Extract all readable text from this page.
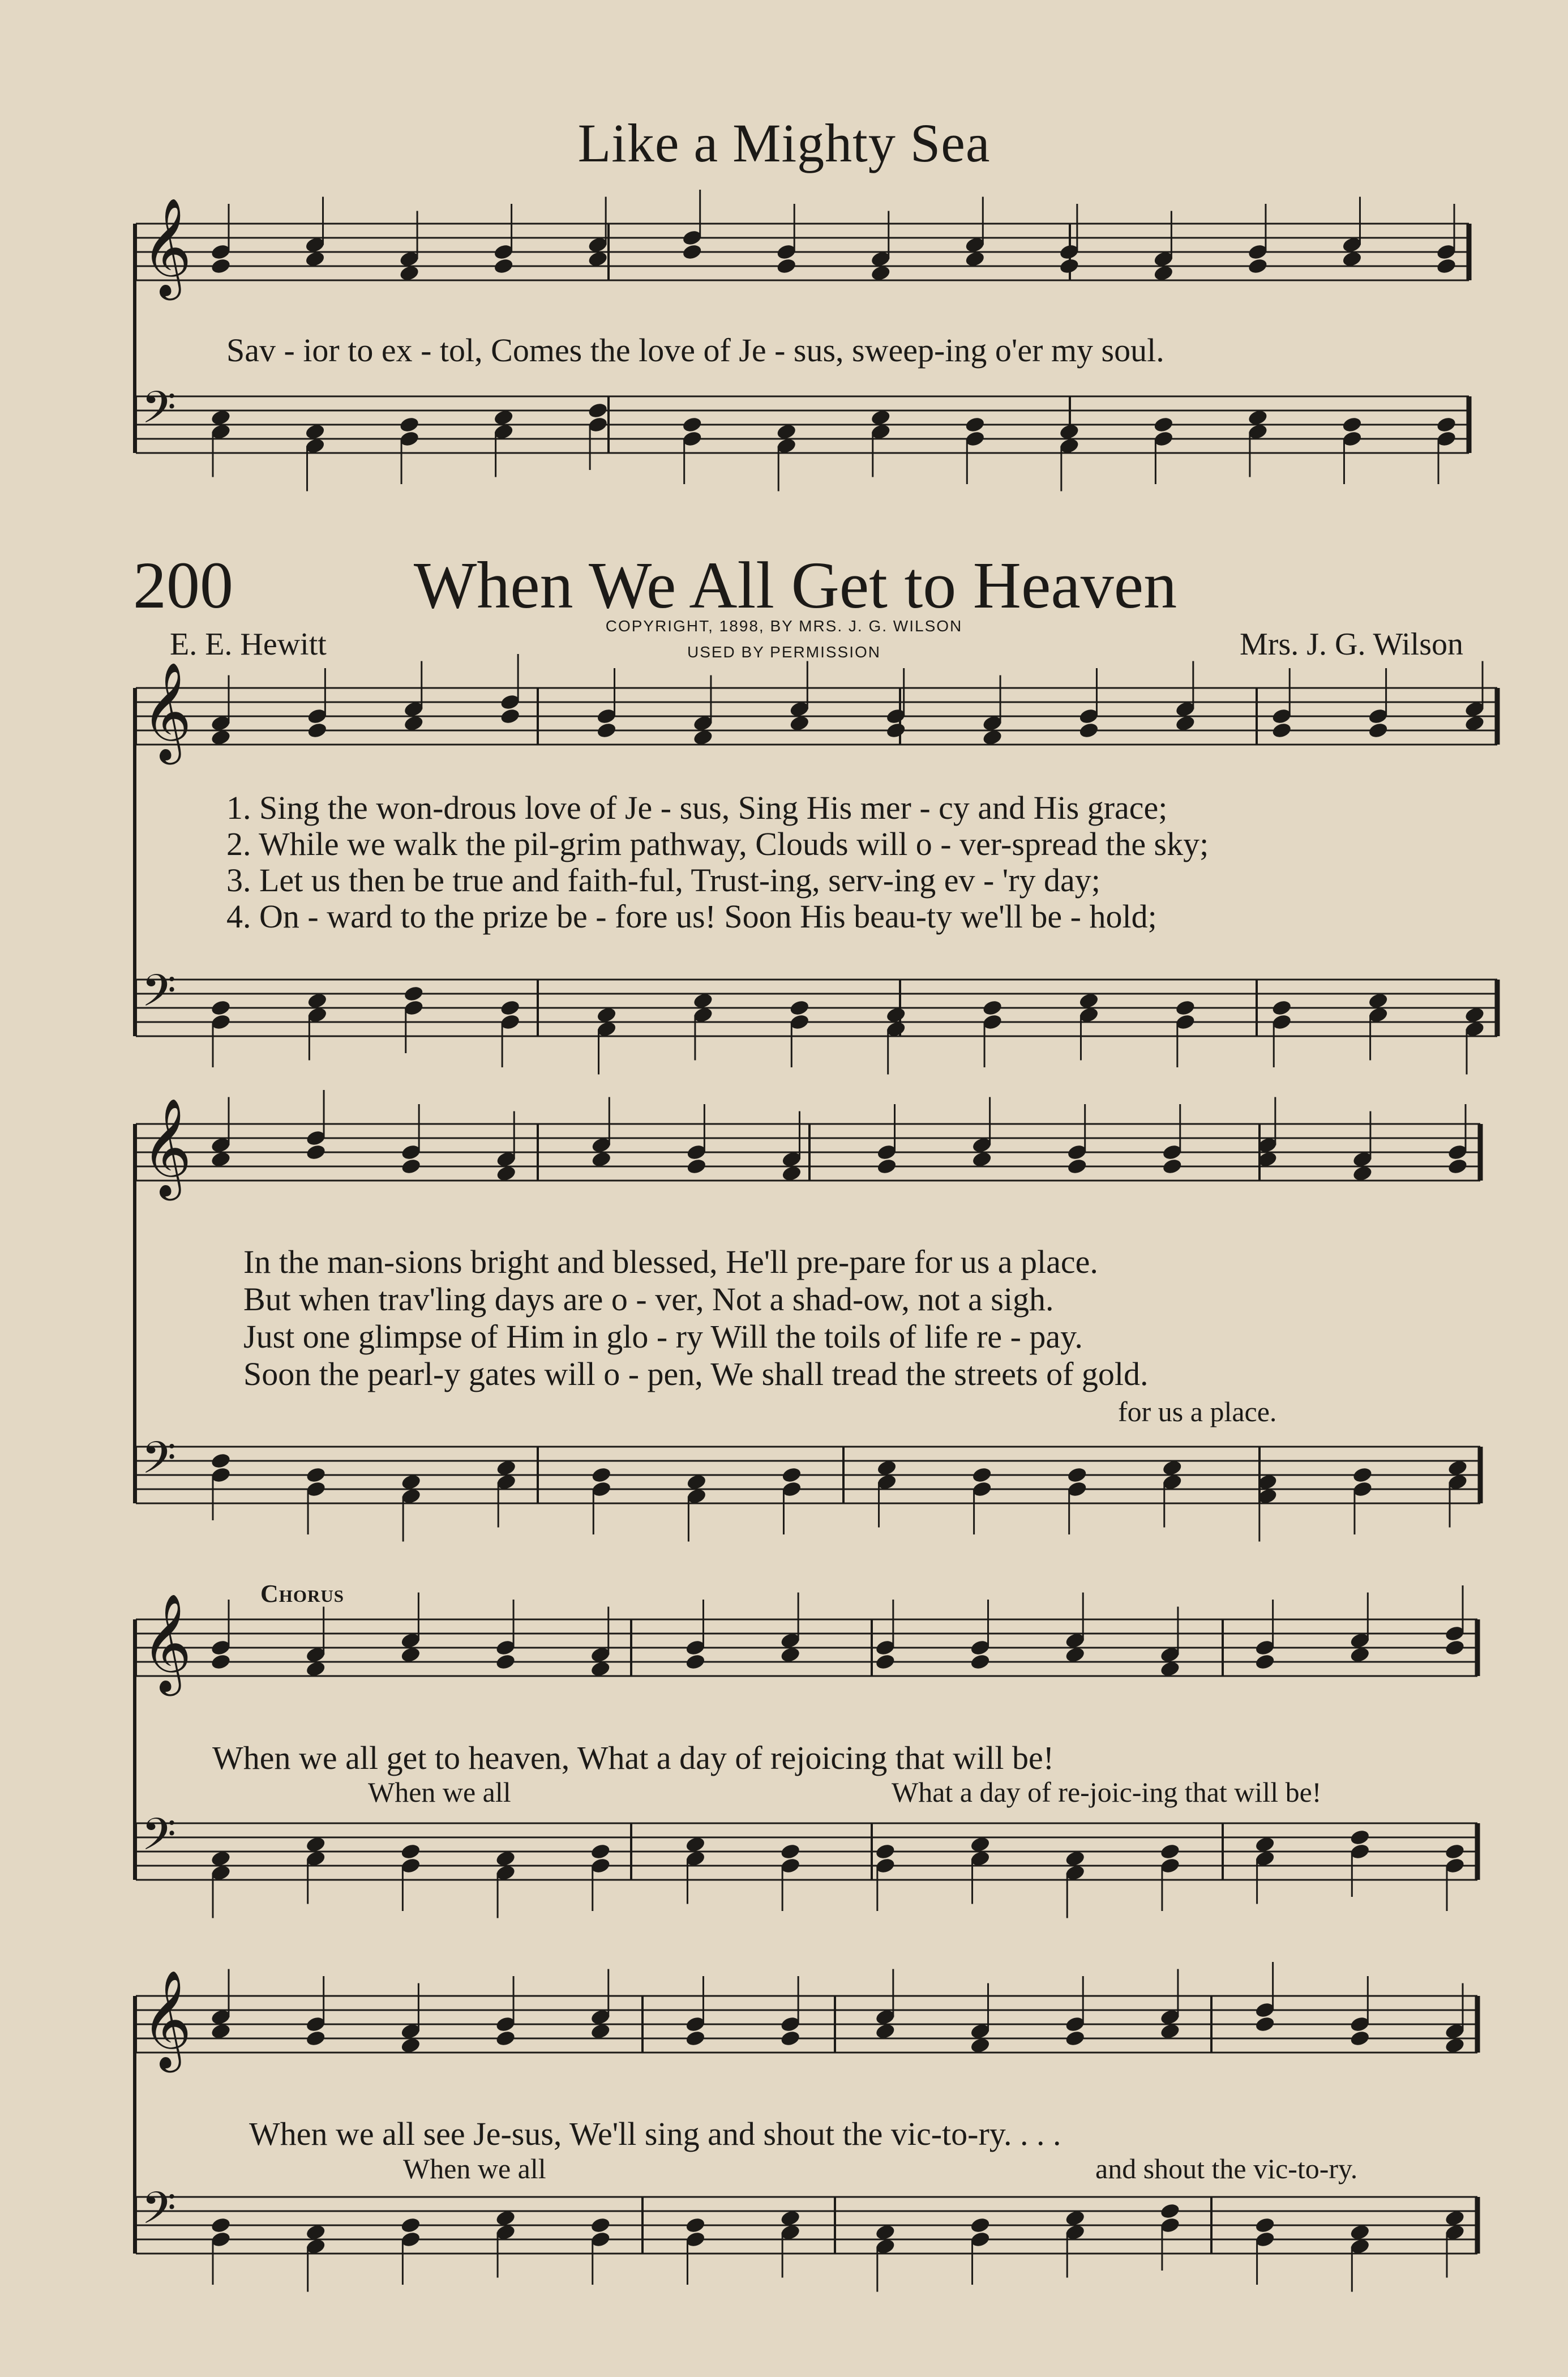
𝄞
𝄢
𝄞
𝄢
𝄞
𝄢
𝄞
𝄢
𝄞
𝄢
Like a Mighty Sea
Sav - ior to ex - tol, Comes the love of Je - sus, sweep-ing o'er my soul.
200	When We All Get to Heaven
COPYRIGHT, 1898, BY MRS. J. G. WILSON
USED BY PERMISSION
E. E. Hewitt	Mrs. J. G. Wilson
1. Sing the won-drous love of Je - sus, Sing His mer - cy and His grace;
2. While we walk the pil-grim pathway, Clouds will o - ver-spread the sky;
3. Let us then be true and faith-ful, Trust-ing, serv-ing ev - 'ry day;
4. On - ward to the prize be - fore us! Soon His beau-ty we'll be - hold;
In the man-sions bright and blessed, He'll pre-pare for us a place.
But when trav'ling days are o - ver, Not a shad-ow, not a sigh.
Just one glimpse of Him in glo - ry Will the toils of life re - pay.
Soon the pearl-y gates will o - pen, We shall tread the streets of gold.
for us a place.
Chorus
When we all get to heaven, What a day of rejoicing that will be!
When we all	What a day of re-joic-ing that will be!
When we all see Je-sus, We'll sing and shout the vic-to-ry. . . .
When we all	and shout the vic-to-ry.
